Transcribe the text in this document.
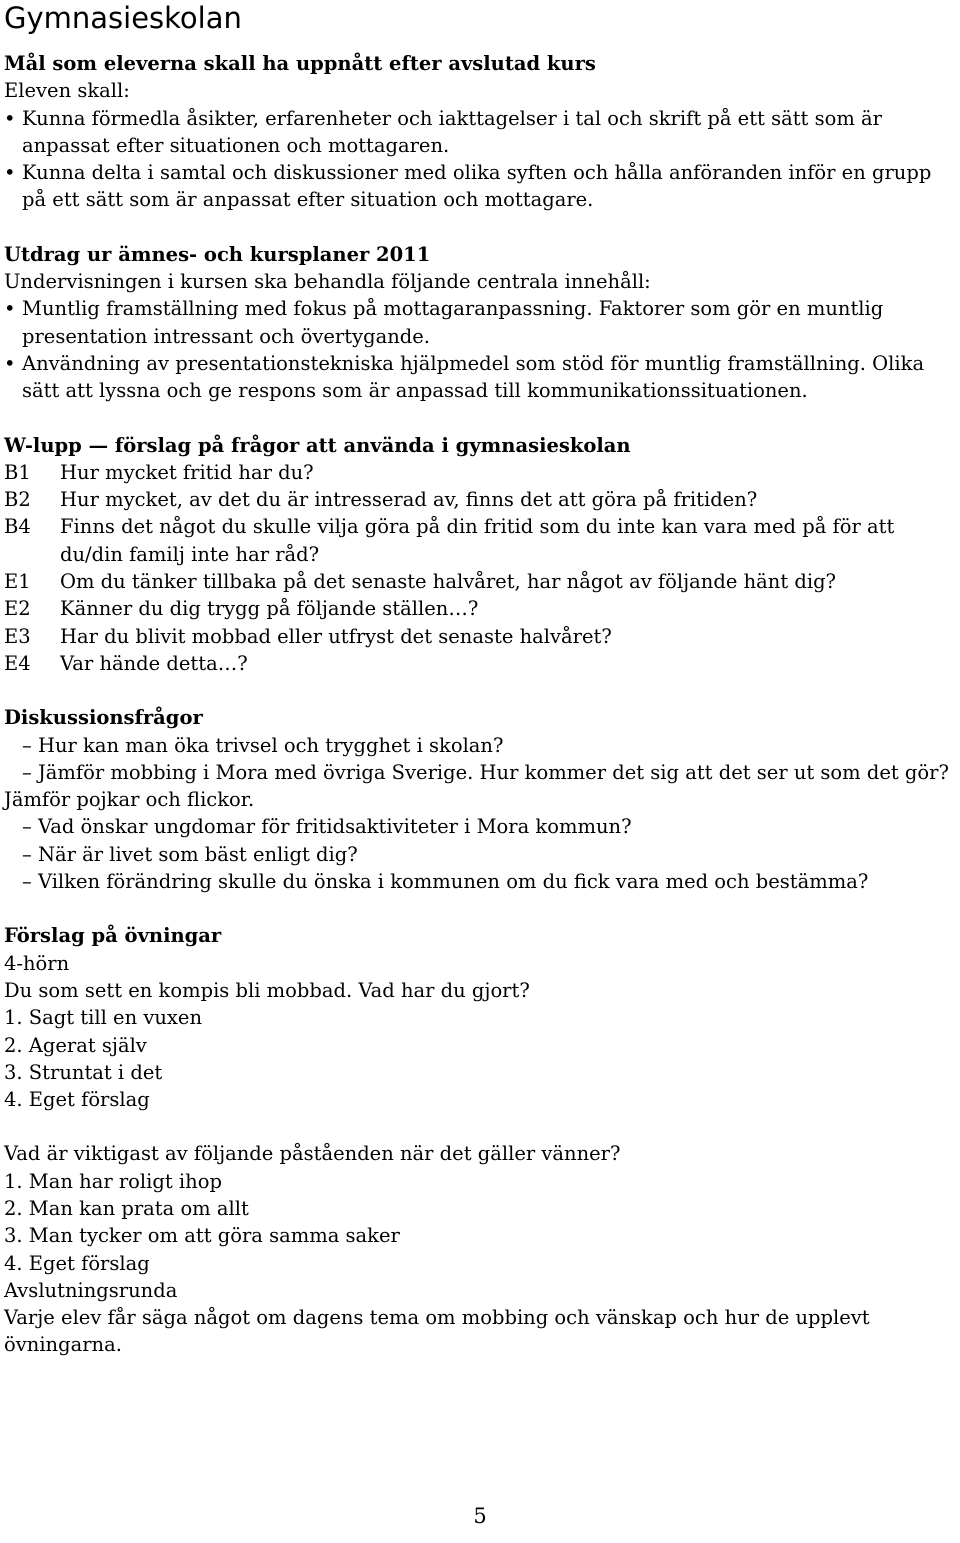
Gymnasieskolan

Mål som eleverna skall ha uppnått efter avslutad kurs

Eleven skall:

• Kunna förmedla åsikter, erfarenheter och iakttagelser i tal och skrift på ett sätt som är anpassat efter situationen och mottagaren.
• Kunna delta i samtal och diskussioner med olika syften och hålla anföranden inför en grupp på ett sätt som är anpassat efter situation och mottagare.

Utdrag ur ämnes- och kursplaner 2011

Undervisningen i kursen ska behandla följande centrala innehåll:

• Muntlig framställning med fokus på mottagaranpassning. Faktorer som gör en muntlig presentation intressant och övertygande.
• Användning av presentationstekniska hjälpmedel som stöd för muntlig framställning. Olika sätt att lyssna och ge respons som är anpassad till kommunikationssituationen.

W-lupp — förslag på frågor att använda i gymnasieskolan

B1	Hur mycket fritid har du?
B2	Hur mycket, av det du är intresserad av, finns det att göra på fritiden?
B4	Finns det något du skulle vilja göra på din fritid som du inte kan vara med på för att du/din familj inte har råd?
E1	Om du tänker tillbaka på det senaste halvåret, har något av följande hänt dig?
E2	Känner du dig trygg på följande ställen…?
E3	Har du blivit mobbad eller utfryst det senaste halvåret?
E4	Var hände detta…?

Diskussionsfrågor

– Hur kan man öka trivsel och trygghet i skolan?

– Jämför mobbing i Mora med övriga Sverige. Hur kommer det sig att det ser ut som det gör? Jämför pojkar och flickor.

– Vad önskar ungdomar för fritidsaktiviteter i Mora kommun?

– När är livet som bäst enligt dig?

– Vilken förändring skulle du önska i kommunen om du fick vara med och bestämma?

Förslag på övningar

4-hörn

Du som sett en kompis bli mobbad. Vad har du gjort?

1. Sagt till en vuxen

2. Agerat själv

3. Struntat i det

4. Eget förslag

Vad är viktigast av följande påståenden när det gäller vänner?

1. Man har roligt ihop

2. Man kan prata om allt

3. Man tycker om att göra samma saker

4. Eget förslag

Avslutningsrunda

Varje elev får säga något om dagens tema om mobbing och vänskap och hur de upplevt övningarna.

5
